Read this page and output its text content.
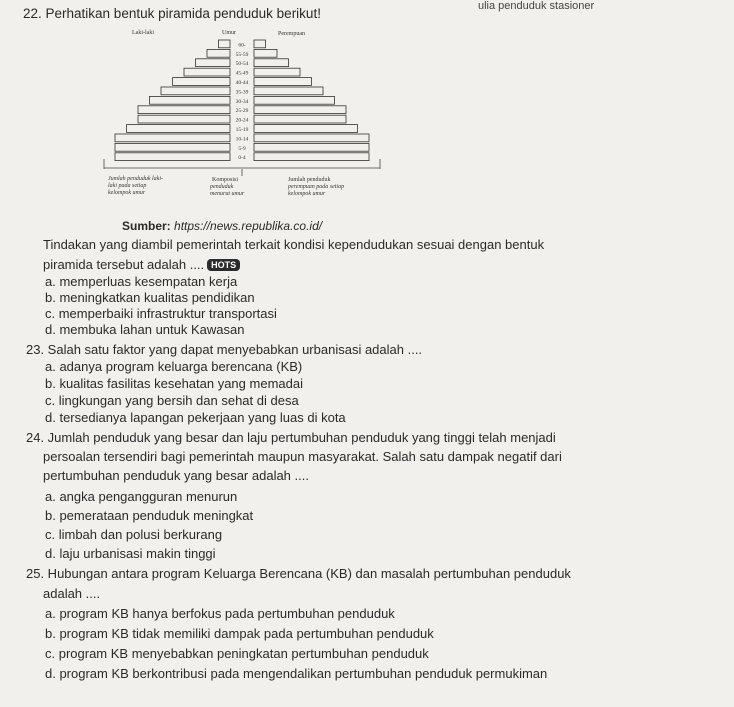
ulia penduduk stasioner
22. Perhatikan bentuk piramida penduduk berikut!
Laki-laki	Umur	Perempuan
60-
55-59
50-54
45-49
40-44
35-39
30-34
25-29
20-24
15-19
10-14
5-9
0-4
Jumlah penduduk laki-
laki pada setiap
kelompok umur
Komposisi
penduduk
menurut umur
Jumlah penduduk
perempuan pada setiap
kelompok umur
Sumber: https://news.republika.co.id/
Tindakan yang diambil pemerintah terkait kondisi kependudukan sesuai dengan bentuk
piramida tersebut adalah .... HOTS
a. memperluas kesempatan kerja
b. meningkatkan kualitas pendidikan
c. memperbaiki infrastruktur transportasi
d. membuka lahan untuk Kawasan
23. Salah satu faktor yang dapat menyebabkan urbanisasi adalah ....
a. adanya program keluarga berencana (KB)
b. kualitas fasilitas kesehatan yang memadai
c. lingkungan yang bersih dan sehat di desa
d. tersedianya lapangan pekerjaan yang luas di kota
24. Jumlah penduduk yang besar dan laju pertumbuhan penduduk yang tinggi telah menjadi
persoalan tersendiri bagi pemerintah maupun masyarakat. Salah satu dampak negatif dari
pertumbuhan penduduk yang besar adalah ....
a. angka pengangguran menurun
b. pemerataan penduduk meningkat
c. limbah dan polusi berkurang
d. laju urbanisasi makin tinggi
25. Hubungan antara program Keluarga Berencana (KB) dan masalah pertumbuhan penduduk
adalah ....
a. program KB hanya berfokus pada pertumbuhan penduduk
b. program KB tidak memiliki dampak pada pertumbuhan penduduk
c. program KB menyebabkan peningkatan pertumbuhan penduduk
d. program KB berkontribusi pada mengendalikan pertumbuhan penduduk permukiman
